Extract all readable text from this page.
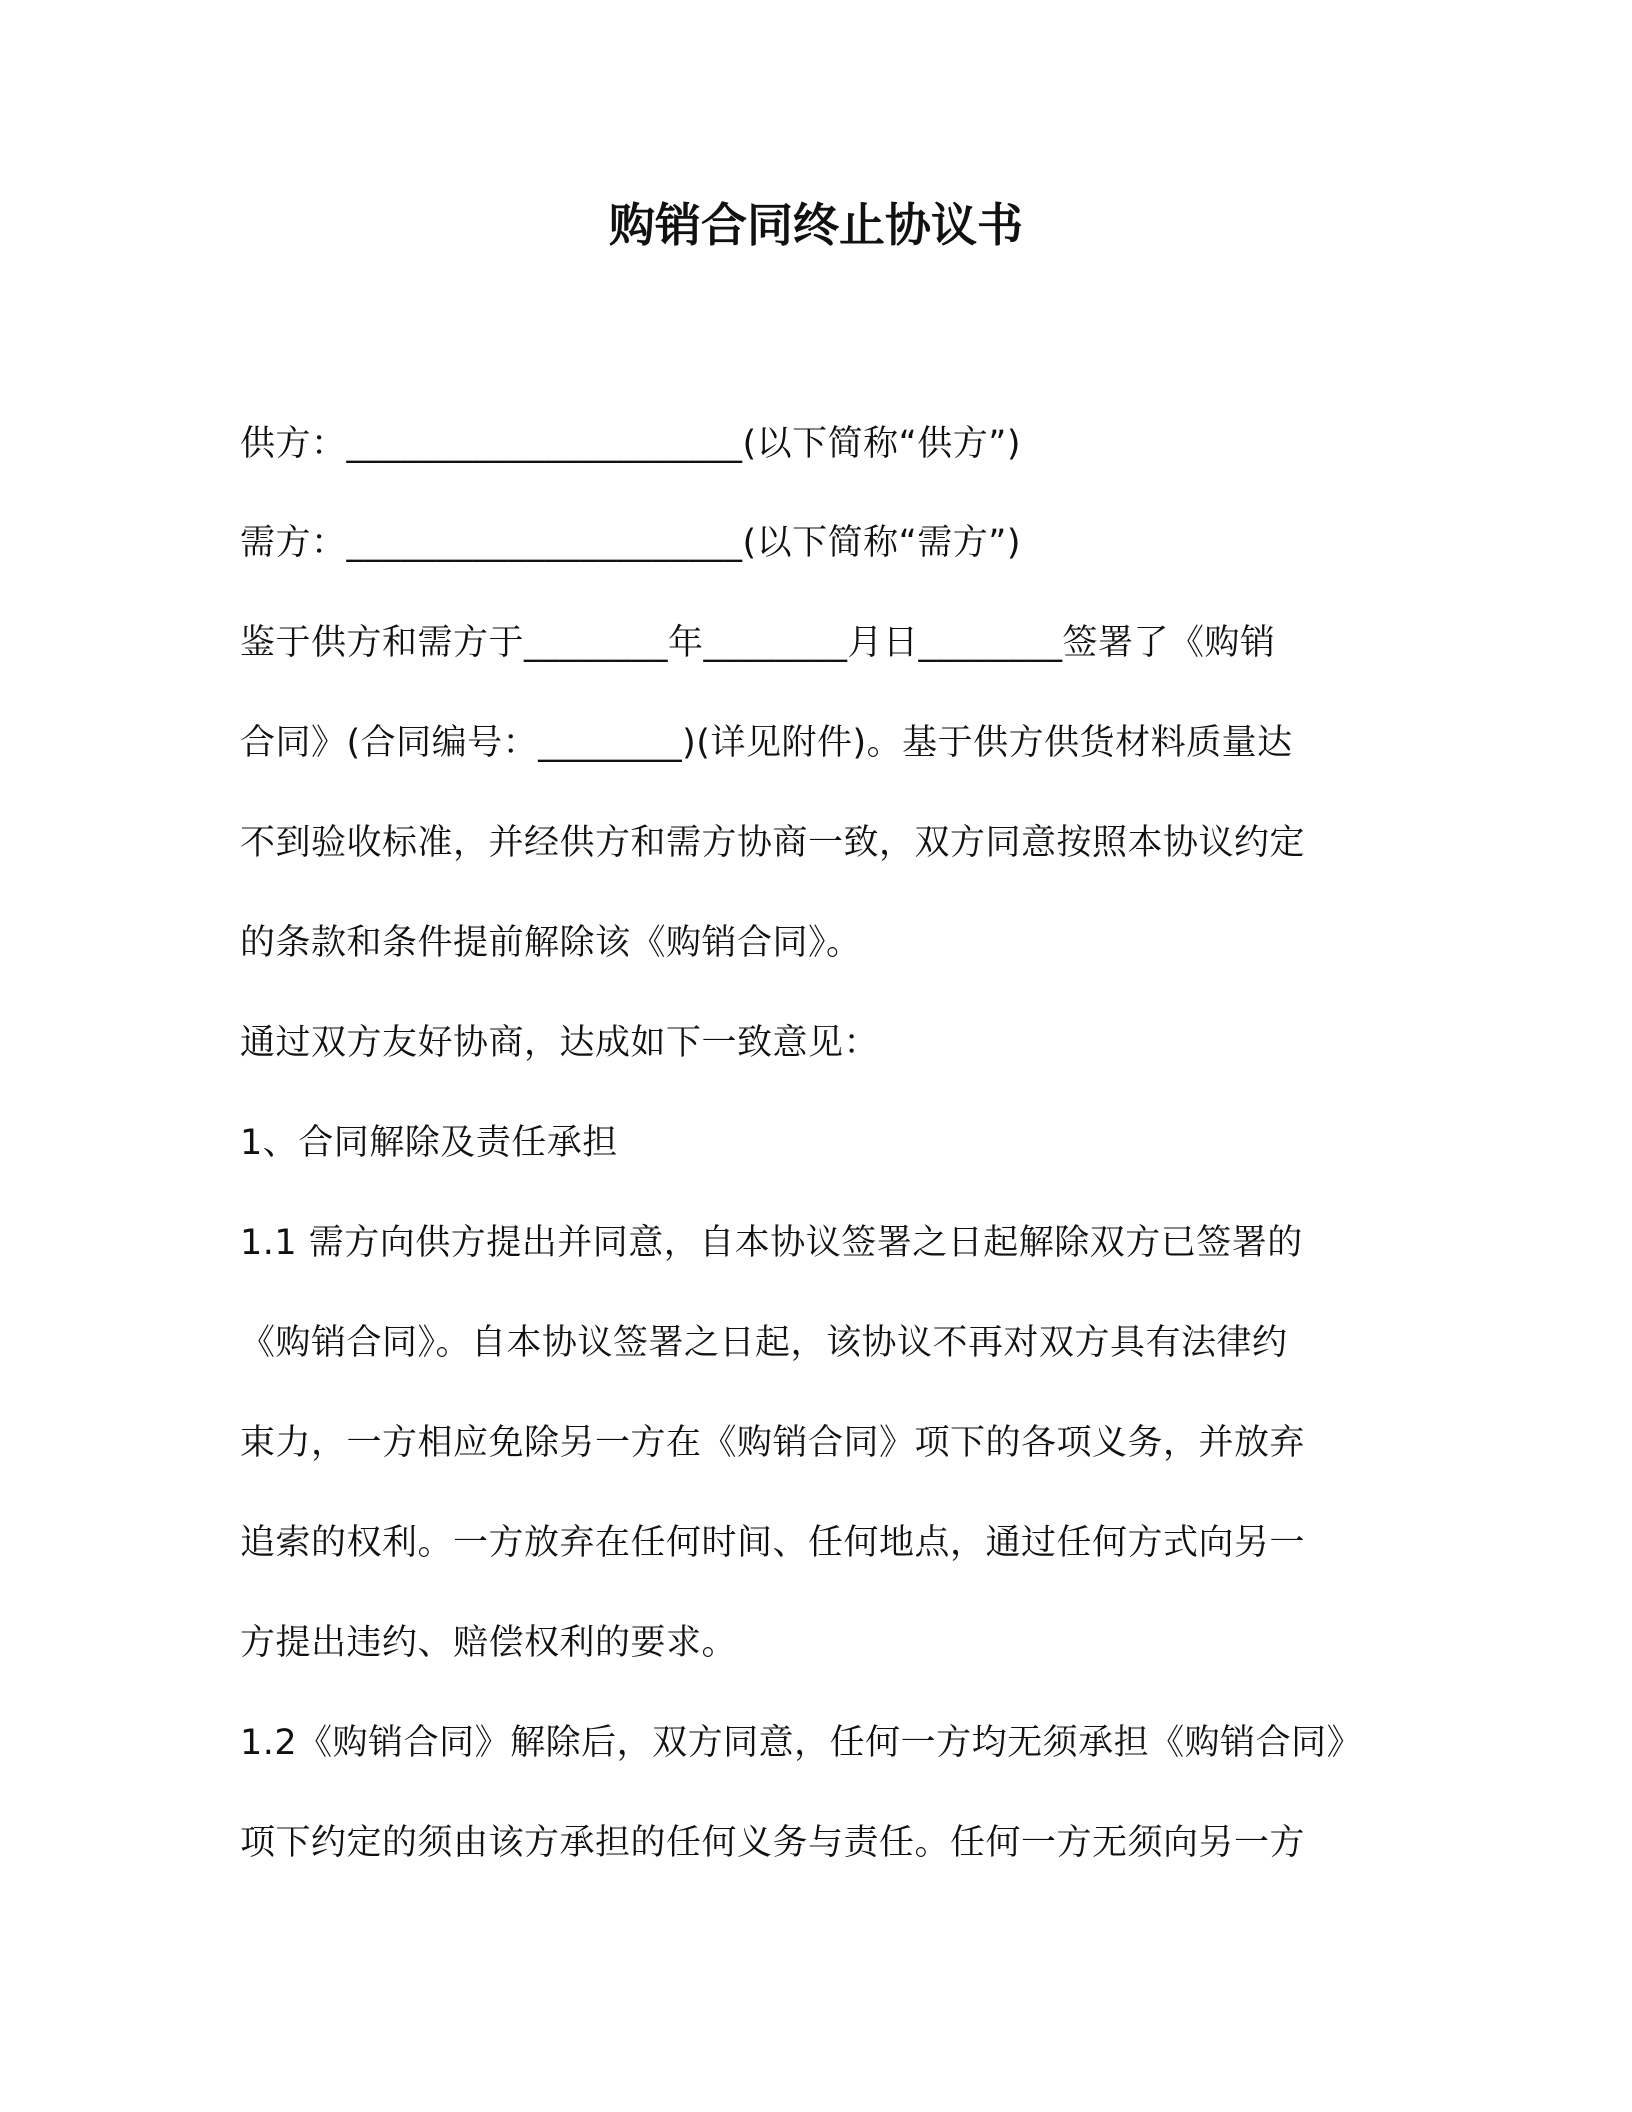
购销合同终止协议书
供方：______________________(以下简称“供方”)
需方：______________________(以下简称“需方”)
鉴于供方和需方于________年________月日________签署了《购销
合同》(合同编号：________)(详见附件)。基于供方供货材料质量达
不到验收标准，并经供方和需方协商一致，双方同意按照本协议约定
的条款和条件提前解除该《购销合同》。
通过双方友好协商，达成如下一致意见：
1、合同解除及责任承担
1.1 需方向供方提出并同意，自本协议签署之日起解除双方已签署的
《购销合同》。自本协议签署之日起，该协议不再对双方具有法律约
束力，一方相应免除另一方在《购销合同》项下的各项义务，并放弃
追索的权利。一方放弃在任何时间、任何地点，通过任何方式向另一
方提出违约、赔偿权利的要求。
1.2《购销合同》解除后，双方同意，任何一方均无须承担《购销合同》
项下约定的须由该方承担的任何义务与责任。任何一方无须向另一方
